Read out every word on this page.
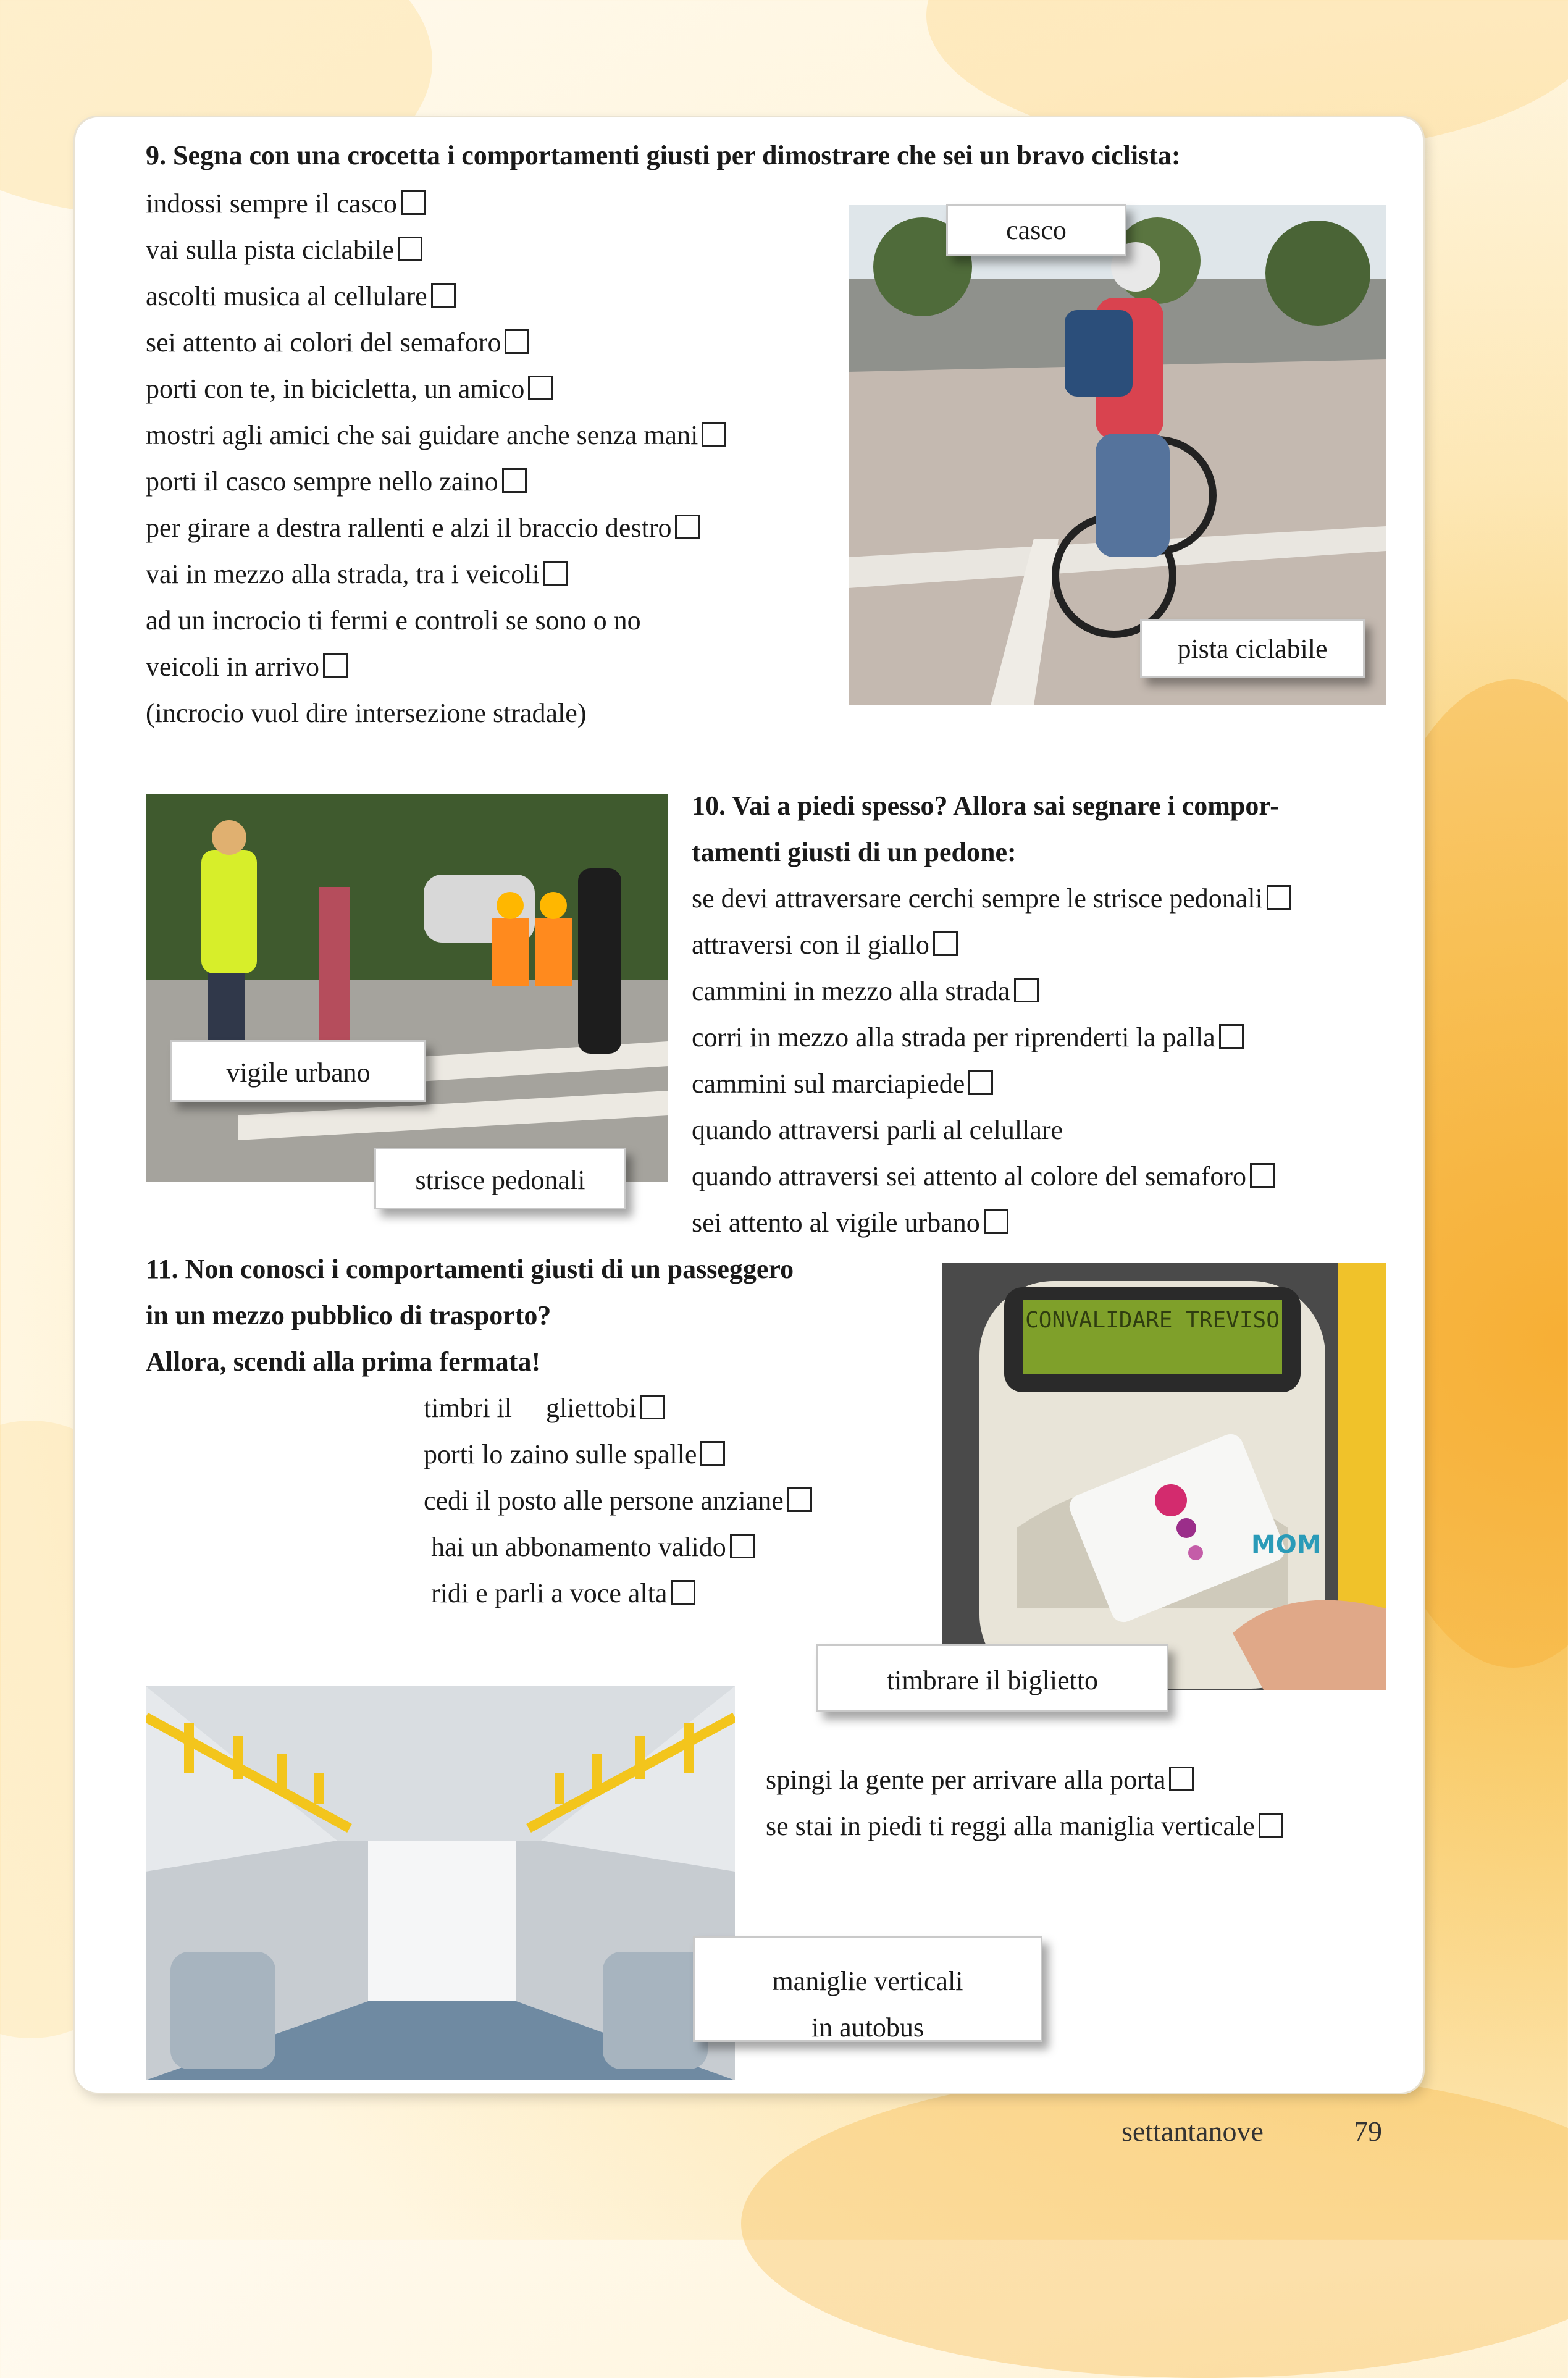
9. Segna con una crocetta i comportamenti giusti per dimostrare che sei un bravo ciclista:
indossi sempre il casco
vai sulla pista ciclabile
ascolti musica al cellulare
sei attento ai colori del semaforo
porti con te, in bicicletta, un amico
mostri agli amici che sai guidare anche senza mani
porti il casco sempre nello zaino
per girare a destra rallenti e alzi il braccio destro
vai in mezzo alla strada, tra i veicoli
ad un incrocio ti fermi e controli se sono o no
veicoli in arrivo
(incrocio vuol dire intersezione stradale)
casco
pista ciclabile
vigile urbano
strisce pedonali
10. Vai a piedi spesso? Allora sai segnare i compor-
tamenti giusti di un pedone:
se devi attraversare cerchi sempre le strisce pedonali
attraversi con il giallo
cammini in mezzo alla strada
corri in mezzo alla strada per riprenderti la palla
cammini sul marciapiede
quando attraversi parli al celullare
quando attraversi sei attento al colore del semaforo
sei attento al vigile urbano
11. Non conosci i comportamenti giusti di un passeggero
in un mezzo pubblico di trasporto?
Allora, scendi alla prima fermata!
timbri il     gliettobi
porti lo zaino sulle spalle
cedi il posto alle persone anziane
hai un abbonamento valido
ridi e parli a voce alta
CONVALIDARE TREVISO
MOM
timbrare il biglietto
spingi la gente per arrivare alla porta
se stai in piedi ti reggi alla maniglia verticale
maniglie verticali
in autobus
settantanove	79
